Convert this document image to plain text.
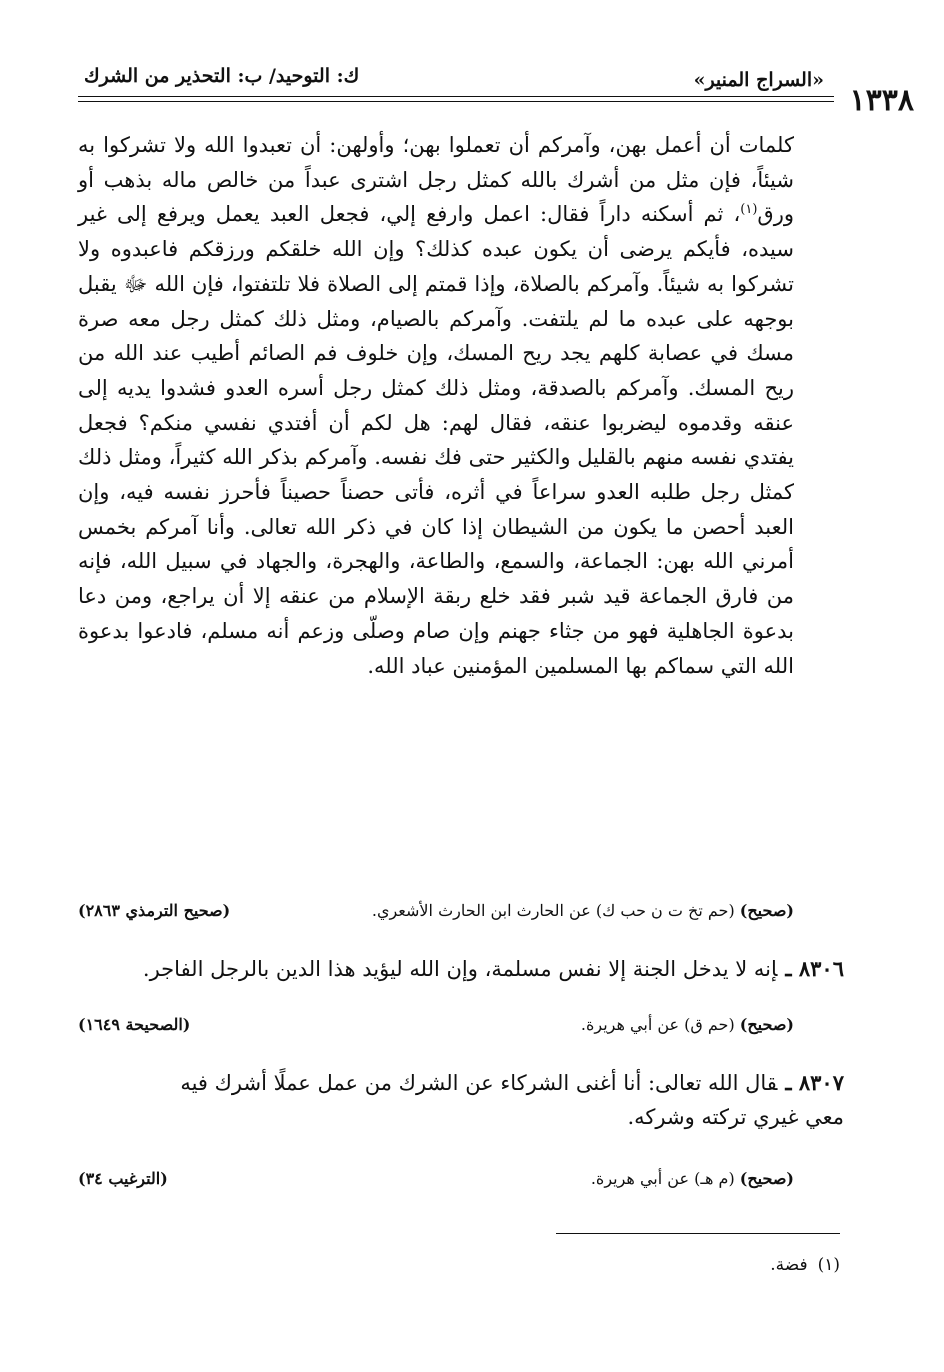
١٣٣٨
«السراج المنير»
ك: التوحيد/ ب: التحذير من الشرك

كلمات أن أعمل بهن، وآمركم أن تعملوا بهن؛ وأولهن: أن تعبدوا الله ولا تشركوا به شيئاً، فإن مثل من أشرك بالله كمثل رجل اشترى عبداً من خالص ماله بذهب أو ورق$^{(١)}$، ثم أسكنه داراً فقال: اعمل وارفع إلي، فجعل العبد يعمل ويرفع إلى غير سيده، فأيكم يرضى أن يكون عبده كذلك؟ وإن الله خلقكم ورزقكم فاعبدوه ولا تشركوا به شيئاً. وآمركم بالصلاة، وإذا قمتم إلى الصلاة فلا تلتفتوا، فإن الله ﷻ يقبل بوجهه على عبده ما لم يلتفت. وآمركم بالصيام، ومثل ذلك كمثل رجل معه صرة مسك في عصابة كلهم يجد ريح المسك، وإن خلوف فم الصائم أطيب عند الله من ريح المسك. وآمركم بالصدقة، ومثل ذلك كمثل رجل أسره العدو فشدوا يديه إلى عنقه وقدموه ليضربوا عنقه، فقال لهم: هل لكم أن أفتدي نفسي منكم؟ فجعل يفتدي نفسه منهم بالقليل والكثير حتى فك نفسه. وآمركم بذكر الله كثيراً، ومثل ذلك كمثل رجل طلبه العدو سراعاً في أثره، فأتى حصناً حصيناً فأحرز نفسه فيه، وإن العبد أحصن ما يكون من الشيطان إذا كان في ذكر الله تعالى. وأنا آمركم بخمس أمرني الله بهن: الجماعة، والسمع، والطاعة، والهجرة، والجهاد في سبيل الله، فإنه من فارق الجماعة قيد شبر فقد خلع ربقة الإسلام من عنقه إلا أن يراجع، ومن دعا بدعوة الجاهلية فهو من جثاء جهنم وإن صام وصلّى وزعم أنه مسلم، فادعوا بدعوة الله التي سماكم بها المسلمين المؤمنين عباد الله.

(صحيح) (حم تخ ت ن حب ك) عن الحارث ابن الحارث الأشعري.
(صحيح الترمذي ٢٨٦٣)

٨٣٠٦ ـإنه لا يدخل الجنة إلا نفس مسلمة، وإن الله ليؤيد هذا الدين بالرجل الفاجر.

(صحيح) (حم ق) عن أبي هريرة.
(الصحيحة ١٦٤٩)

٨٣٠٧ ـقال الله تعالى: أنا أغنى الشركاء عن الشرك من عمل عملًا أشرك فيه
معي غيري تركته وشركه.

(صحيح) (م هـ) عن أبي هريرة.
(الترغيب ٣٤)
(١)فضة.
